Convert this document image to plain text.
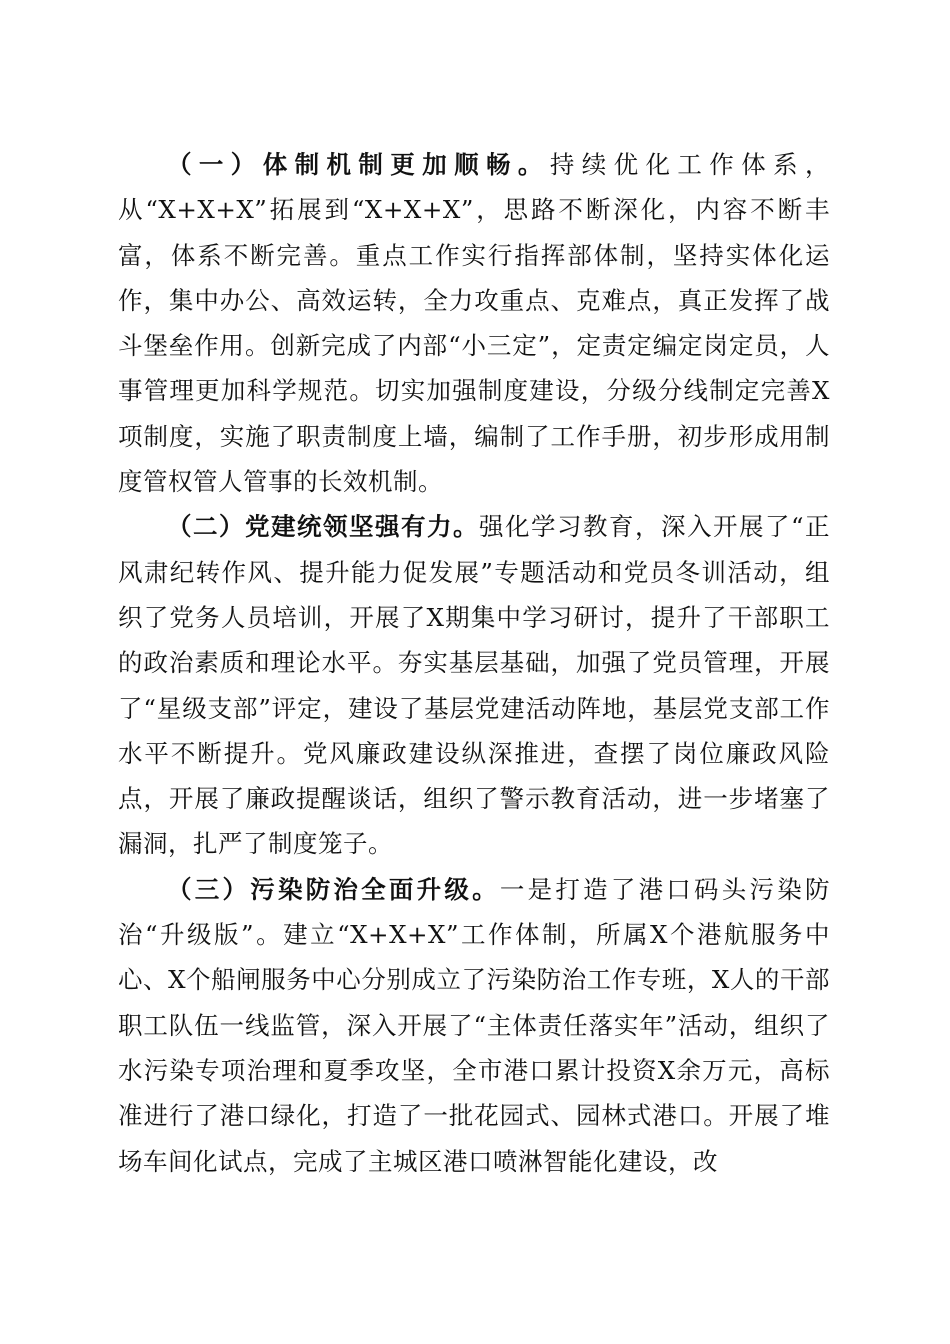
（一）体制机制更加顺畅。持续优化工作体系，从“X+X+X”拓展到“X+X+X”，思路不断深化，内容不断丰富，体系不断完善。重点工作实行指挥部体制，坚持实体化运作，集中办公、高效运转，全力攻重点、克难点，真正发挥了战斗堡垒作用。创新完成了内部“小三定”，定责定编定岗定员，人事管理更加科学规范。切实加强制度建设，分级分线制定完善X项制度，实施了职责制度上墙，编制了工作手册，初步形成用制度管权管人管事的长效机制。

（二）党建统领坚强有力。强化学习教育，深入开展了“正风肃纪转作风、提升能力促发展”专题活动和党员冬训活动，组织了党务人员培训，开展了X期集中学习研讨，提升了干部职工的政治素质和理论水平。夯实基层基础，加强了党员管理，开展了“星级支部”评定，建设了基层党建活动阵地，基层党支部工作水平不断提升。党风廉政建设纵深推进，查摆了岗位廉政风险点，开展了廉政提醒谈话，组织了警示教育活动，进一步堵塞了漏洞，扎严了制度笼子。

（三）污染防治全面升级。一是打造了港口码头污染防治“升级版”。建立“X+X+X”工作体制，所属X个港航服务中心、X个船闸服务中心分别成立了污染防治工作专班，X人的干部职工队伍一线监管，深入开展了“主体责任落实年”活动，组织了水污染专项治理和夏季攻坚，全市港口累计投资X余万元，高标准进行了港口绿化，打造了一批花园式、园林式港口。开展了堆场车间化试点，完成了主城区港口喷淋智能化建设，改
